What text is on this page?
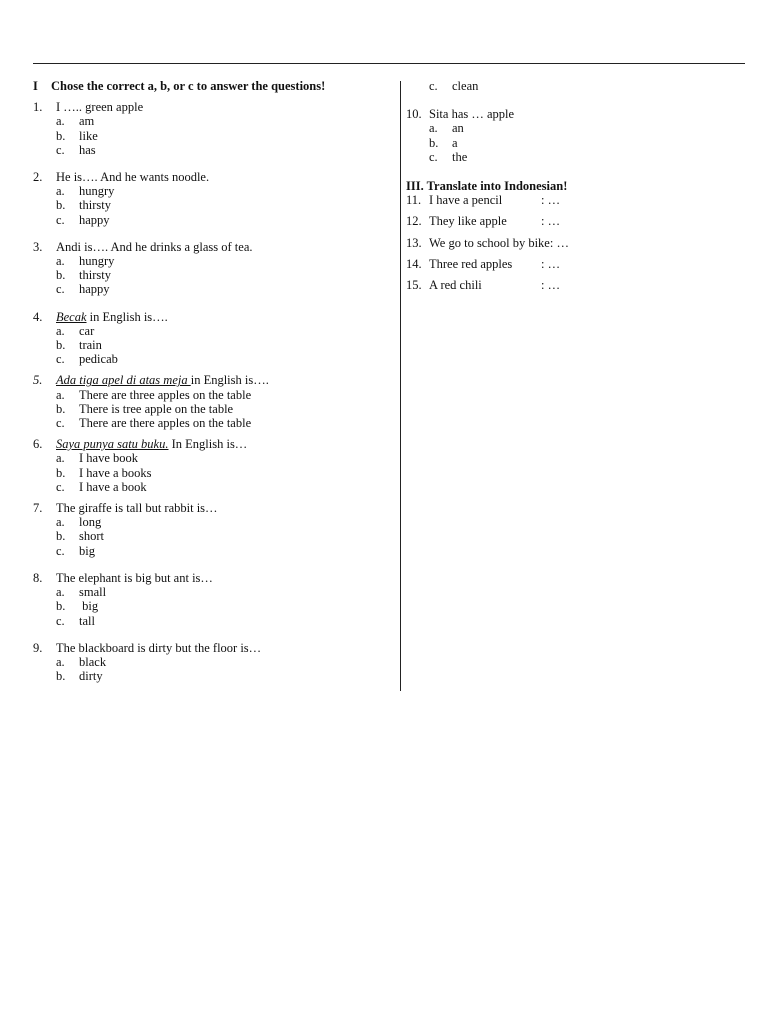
I Chose the correct a, b, or c to answer the questions!
1.	I ….. green apple
a.	am
b.	like
c.	has
2.	He is…. And he wants noodle.
a.	hungry
b.	thirsty
c.	happy
3.	Andi is…. And he drinks a glass of tea.
a.	hungry
b.	thirsty
c.	happy
4.	Becak in English is….
a.	car
b.	train
c.	pedicab
5.	Ada tiga apel di atas meja in English is….
a.	There are three apples on the table
b.	There is tree apple on the table
c.	There are there apples on the table
6.	Saya punya satu buku. In English is…
a.	I have book
b.	I have a books
c.	I have a book
7.	The giraffe is tall but rabbit is…
a.	long
b.	short
c.	big
8.	The elephant is big but ant is…
a.	small
b.	big
c.	tall
9.	The blackboard is dirty but the floor is…
a.	black
b.	dirty
c.	clean
10. Sita has … apple
a.	an
b.	a
c.	the
III. Translate into Indonesian!
11. I have a pencil	: …
12. They like apple	: …
13. We go to school by bike: …
14. Three red apples	: …
15. A red chili	: …
